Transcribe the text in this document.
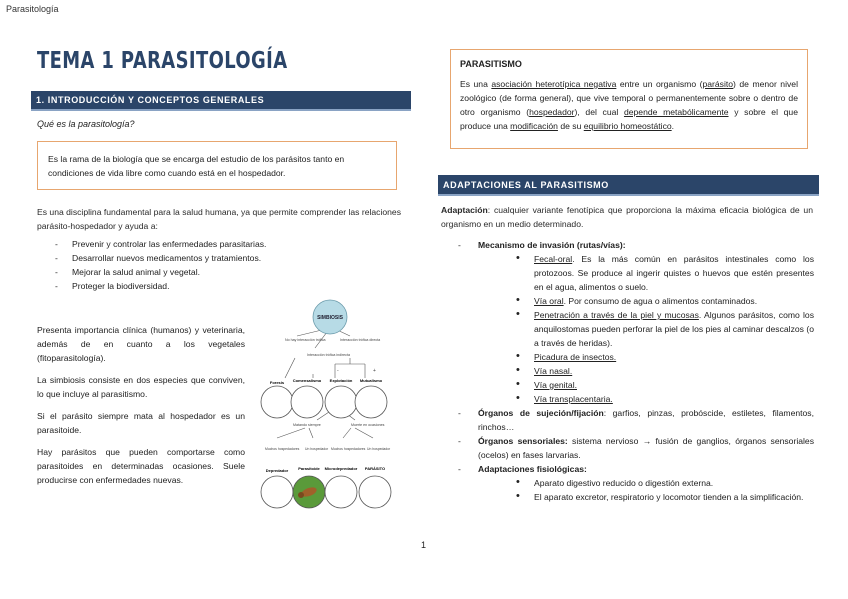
Parasitología
TEMA 1 PARASITOLOGÍA
1. INTRODUCCIÓN Y CONCEPTOS GENERALES
Qué es la parasitología?
Es la rama de la biología que se encarga del estudio de los parásitos tanto en condiciones de vida libre como cuando está en el hospedador.
Es una disciplina fundamental para la salud humana, ya que permite comprender las relaciones parásito-hospedador y ayuda a:
- Prevenir y controlar las enfermedades parasitarias.
- Desarrollar nuevos medicamentos y tratamientos.
- Mejorar la salud animal y vegetal.
- Proteger la biodiversidad.

Presenta importancia clínica (humanos) y veterinaria, además de en cuanto a los vegetales (fitoparasitología).

La simbiosis consiste en dos especies que conviven, lo que incluye al parasitismo.

Si el parásito siempre mata al hospedador es un parasitoide.

Hay parásitos que pueden comportarse como parasitoides en determinadas ocasiones. Suele producirse con enfermedades nuevas.

SIMBIOSIS
No hay interacción trófica
Interacción trófica indirecta
Interacción trófica directa
-	+
Foresis Comensalismo Explotación Mutualismo
Matando siempre	Muerte en ocasiones
Muchos hospedadores Un hospedador Muchos hospedadores Un hospedador
Depredador Parasitoide Microdepredador PARÁSITO
PARASITISMO
Es una asociación heterotípica negativa entre un organismo (parásito) de menor nivel zoológico (de forma general), que vive temporal o permanentemente sobre o dentro de otro organismo (hospedador), del cual depende metabólicamente y sobre el que produce una modificación de su equilibrio homeostático.
ADAPTACIONES AL PARASITISMO
Adaptación: cualquier variante fenotípica que proporciona la máxima eficacia biológica de un organismo en un medio determinado.
- Mecanismo de invasión (rutas/vías):
• Fecal-oral. Es la más común en parásitos intestinales como los protozoos. Se produce al ingerir quistes o huevos que estén presentes en el agua, alimentos o suelo.
• Vía oral. Por consumo de agua o alimentos contaminados.
• Penetración a través de la piel y mucosas. Algunos parásitos, como los anquilostomas pueden perforar la piel de los pies al caminar descalzos (o a través de heridas).
• Picadura de insectos.
• Vía nasal.
• Vía genital.
• Vía transplacentaria.
- Órganos de sujeción/fijación: garfios, pinzas, probóscide, estiletes, filamentos, rinchos…
- Órganos sensoriales: sistema nervioso → fusión de ganglios, órganos sensoriales (ocelos) en fases larvarias.
- Adaptaciones fisiológicas:
• Aparato digestivo reducido o digestión externa.
• El aparato excretor, respiratorio y locomotor tienden a la simplificación.
1
